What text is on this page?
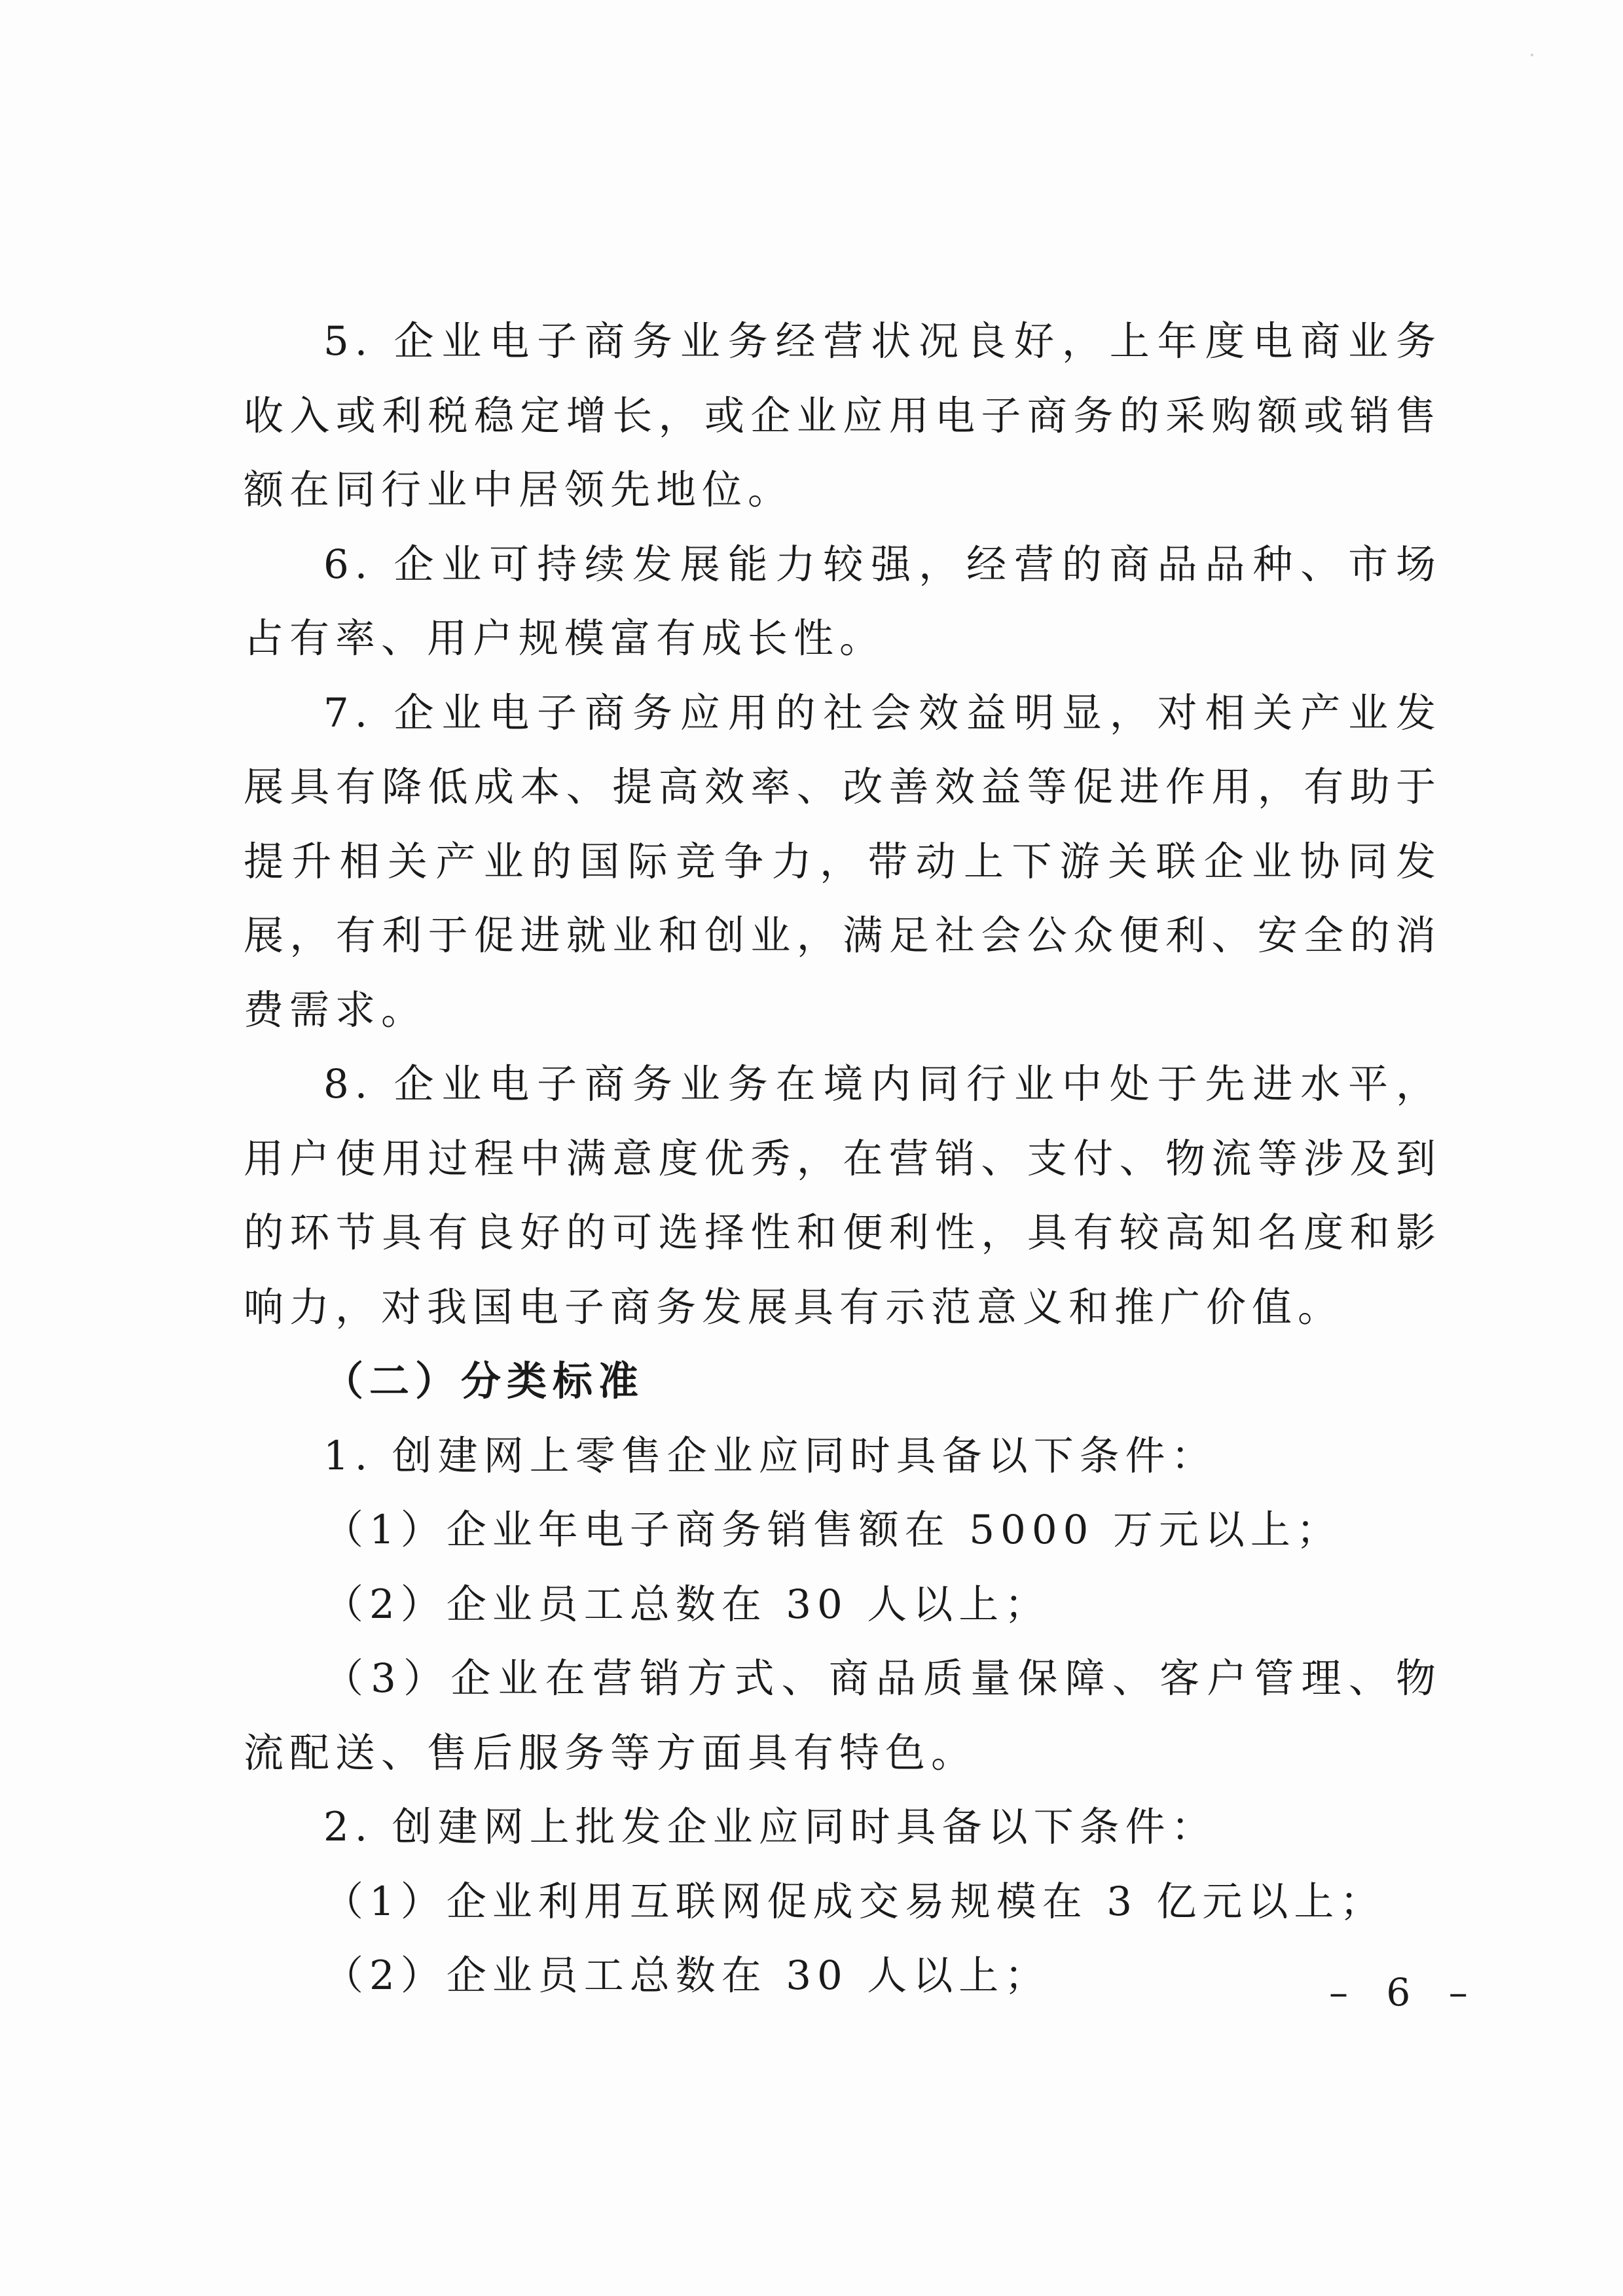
5. 企业电子商务业务经营状况良好，上年度电商业务收入或利税稳定增长，或企业应用电子商务的采购额或销售额在同行业中居领先地位。

6. 企业可持续发展能力较强，经营的商品品种、市场占有率、用户规模富有成长性。

7. 企业电子商务应用的社会效益明显，对相关产业发展具有降低成本、提高效率、改善效益等促进作用，有助于提升相关产业的国际竞争力，带动上下游关联企业协同发展，有利于促进就业和创业，满足社会公众便利、安全的消费需求。

8. 企业电子商务业务在境内同行业中处于先进水平，用户使用过程中满意度优秀，在营销、支付、物流等涉及到的环节具有良好的可选择性和便利性，具有较高知名度和影响力，对我国电子商务发展具有示范意义和推广价值。

（二）分类标准

1. 创建网上零售企业应同时具备以下条件：

（1）企业年电子商务销售额在 5000 万元以上；

（2）企业员工总数在 30 人以上；

（3）企业在营销方式、商品质量保障、客户管理、物流配送、售后服务等方面具有特色。

2. 创建网上批发企业应同时具备以下条件：

（1）企业利用互联网促成交易规模在 3 亿元以上；

（2）企业员工总数在 30 人以上；	– 6 –
